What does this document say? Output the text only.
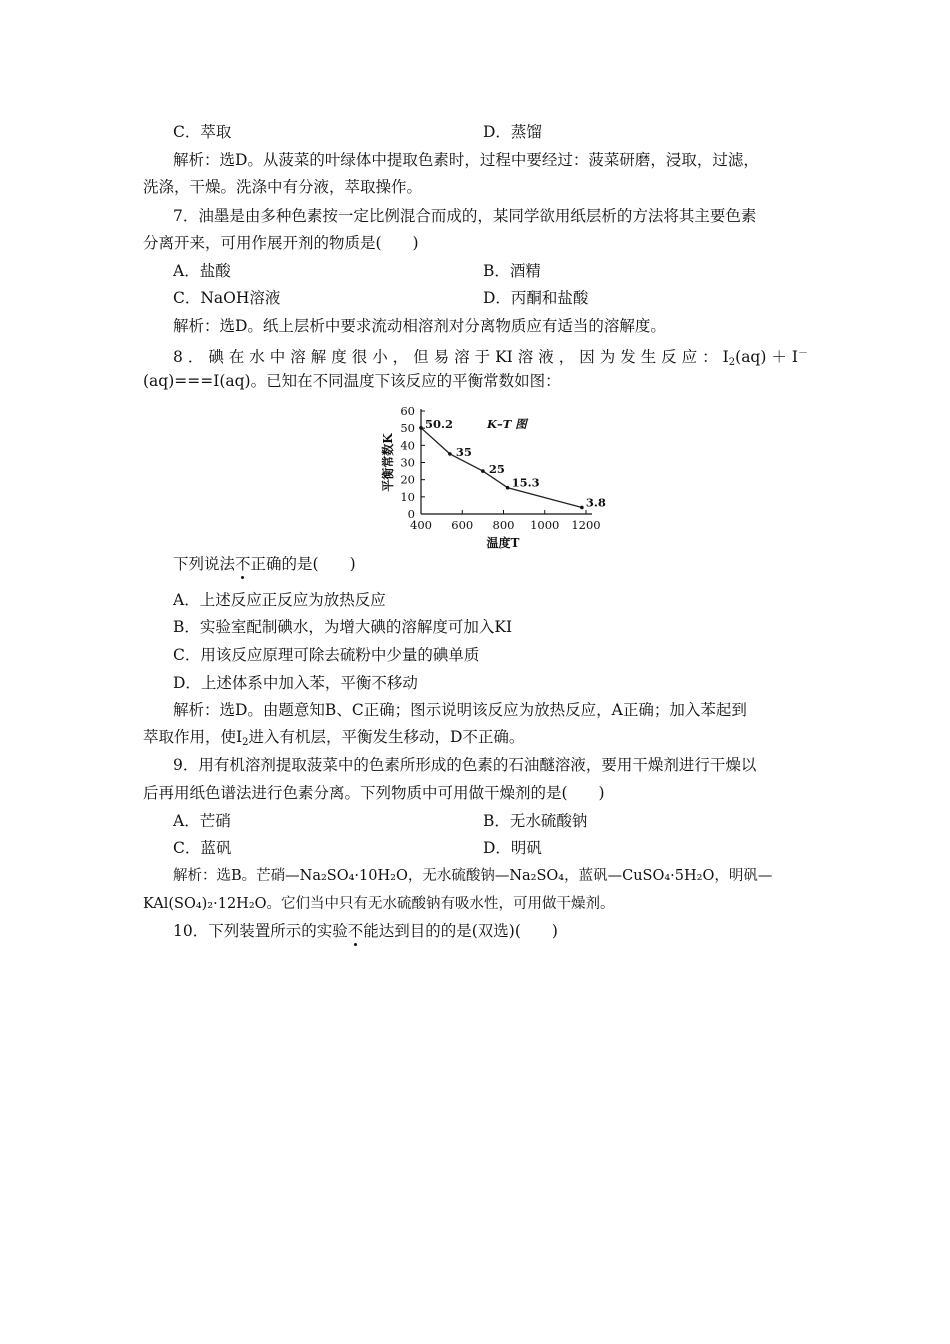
C．萃取	D．蒸馏
解析：选D。从菠菜的叶绿体中提取色素时，过程中要经过：菠菜研磨，浸取，过滤，
洗涤，干燥。洗涤中有分液，萃取操作。
7．油墨是由多种色素按一定比例混合而成的，某同学欲用纸层析的方法将其主要色素
分离开来，可用作展开剂的物质是(　　)
A．盐酸	B．酒精
C．NaOH溶液	D．丙酮和盐酸
解析：选D。纸上层析中要求流动相溶剂对分离物质应有适当的溶解度。
8．碘在水中溶解度很小，但易溶于KI溶液，因为发生反应：$I_2(aq)+I^-$
(aq)===I(aq)。已知在不同温度下该反应的平衡常数如图：
0
10
20
30
40
50
60
400 600 800 1000 1200
50.2
35
25
15.3
3.8
K–T 图
温度T
平衡常数K
下列说法不正确的是(　　)
A．上述反应正反应为放热反应
B．实验室配制碘水，为增大碘的溶解度可加入KI
C．用该反应原理可除去硫粉中少量的碘单质
D．上述体系中加入苯，平衡不移动
解析：选D。由题意知B、C正确；图示说明该反应为放热反应，A正确；加入苯起到
萃取作用，使$I_2$进入有机层，平衡发生移动，D不正确。
9．用有机溶剂提取菠菜中的色素所形成的色素的石油醚溶液，要用干燥剂进行干燥以
后再用纸色谱法进行色素分离。下列物质中可用做干燥剂的是(　　)
A．芒硝	B．无水硫酸钠
C．蓝矾	D．明矾
解析：选B。芒硝—Na₂SO₄·10H₂O，无水硫酸钠—Na₂SO₄，蓝矾—CuSO₄·5H₂O，明矾—
KAl(SO₄)₂·12H₂O。它们当中只有无水硫酸钠有吸水性，可用做干燥剂。
10．下列装置所示的实验不能达到目的的是(双选)(　　)
